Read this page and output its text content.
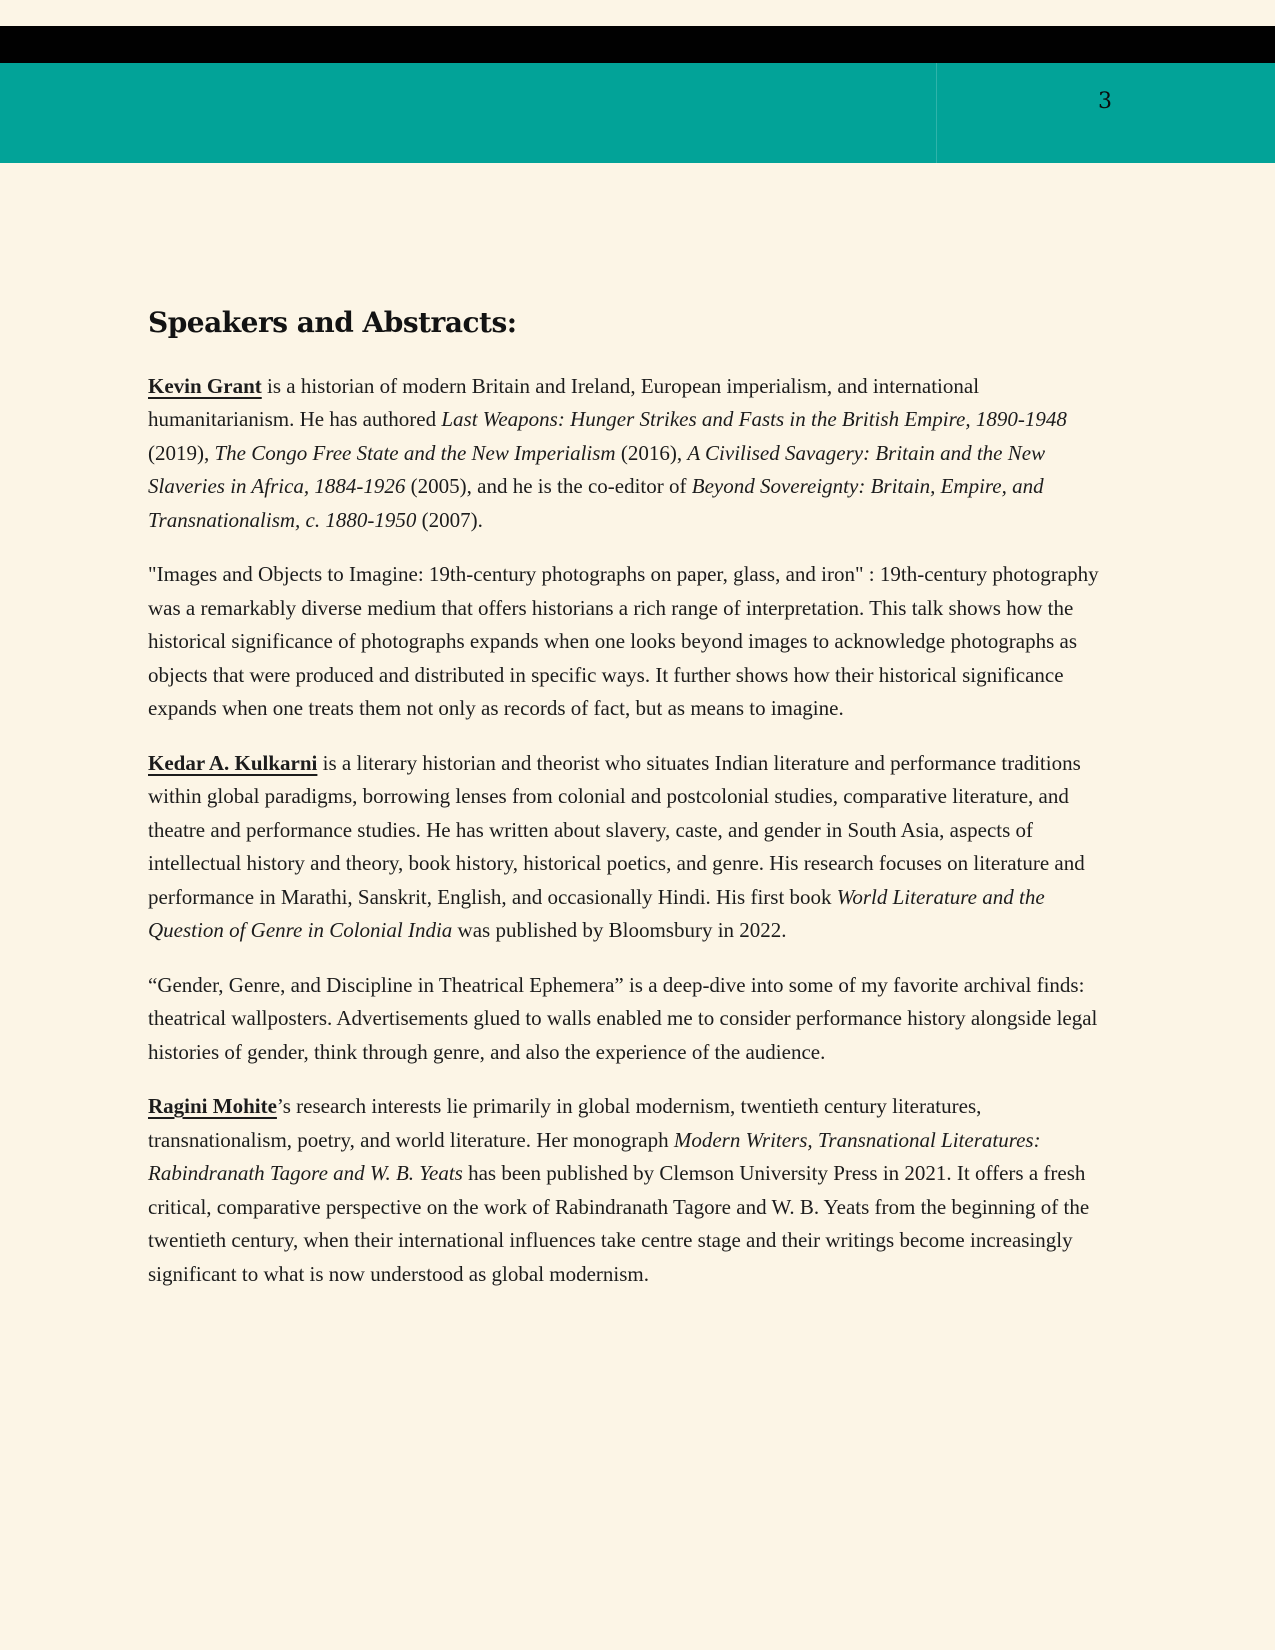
3
Speakers and Abstracts:

Kevin Grant is a historian of modern Britain and Ireland, European imperialism, and international humanitarianism. He has authored Last Weapons: Hunger Strikes and Fasts in the British Empire, 1890-1948 (2019), The Congo Free State and the New Imperialism (2016), A Civilised Savagery: Britain and the New Slaveries in Africa, 1884-1926 (2005), and he is the co-editor of Beyond Sovereignty: Britain, Empire, and Transnationalism, c. 1880-1950 (2007).

"Images and Objects to Imagine: 19th-century photographs on paper, glass, and iron" : 19th-century photography was a remarkably diverse medium that offers historians a rich range of interpretation. This talk shows how the historical significance of photographs expands when one looks beyond images to acknowledge photographs as objects that were produced and distributed in specific ways. It further shows how their historical significance expands when one treats them not only as records of fact, but as means to imagine.

Kedar A. Kulkarni is a literary historian and theorist who situates Indian literature and performance traditions within global paradigms, borrowing lenses from colonial and postcolonial studies, comparative literature, and theatre and performance studies. He has written about slavery, caste, and gender in South Asia, aspects of intellectual history and theory, book history, historical poetics, and genre. His research focuses on literature and performance in Marathi, Sanskrit, English, and occasionally Hindi. His first book World Literature and the Question of Genre in Colonial India was published by Bloomsbury in 2022.

“Gender, Genre, and Discipline in Theatrical Ephemera” is a deep-dive into some of my favorite archival finds: theatrical wallposters. Advertisements glued to walls enabled me to consider performance history alongside legal histories of gender, think through genre, and also the experience of the audience.

Ragini Mohite’s research interests lie primarily in global modernism, twentieth century literatures, transnationalism, poetry, and world literature. Her monograph Modern Writers, Transnational Literatures: Rabindranath Tagore and W. B. Yeats has been published by Clemson University Press in 2021. It offers a fresh critical, comparative perspective on the work of Rabindranath Tagore and W. B. Yeats from the beginning of the twentieth century, when their international influences take centre stage and their writings become increasingly significant to what is now understood as global modernism.
